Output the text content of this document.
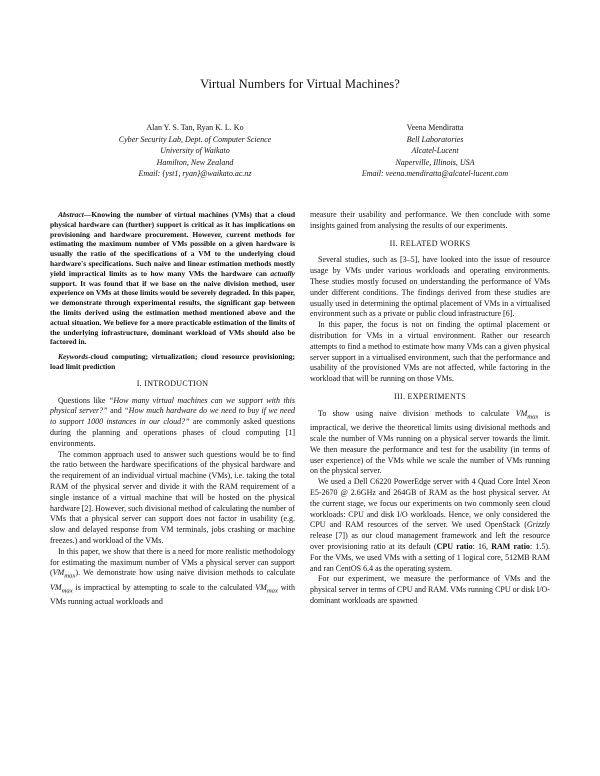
Virtual Numbers for Virtual Machines?
Alan Y. S. Tan, Ryan K. L. Ko
Cyber Security Lab, Dept. of Computer Science
University of Waikato
Hamilton, New Zealand
Email: {yst1, ryan}@waikato.ac.nz
Veena Mendiratta
Bell Laboratories
Alcatel-Lucent
Naperville, Illinois, USA
Email: veena.mendiratta@alcatel-lucent.com

Abstract—Knowing the number of virtual machines (VMs) that a cloud physical hardware can (further) support is critical as it has implications on provisioning and hardware procurement. However, current methods for estimating the maximum number of VMs possible on a given hardware is usually the ratio of the specifications of a VM to the underlying cloud hardware's specifications. Such naive and linear estimation methods mostly yield impractical limits as to how many VMs the hardware can actually support. It was found that if we base on the naive division method, user experience on VMs at those limits would be severely degraded. In this paper, we demonstrate through experimental results, the significant gap between the limits derived using the estimation method mentioned above and the actual situation. We believe for a more practicable estimation of the limits of the underlying infrastructure, dominant workload of VMs should also be factored in.

Keywords-cloud computing; virtualization; cloud resource provisioning; load limit prediction

I. INTRODUCTION

Questions like “How many virtual machines can we support with this physical server?” and “How much hardware do we need to buy if we need to support 1000 instances in our cloud?” are commonly asked questions during the planning and operations phases of cloud computing [1] environments.

The common approach used to answer such questions would be to find the ratio between the hardware specifications of the physical hardware and the requirement of an individual virtual machine (VMs), i.e. taking the total RAM of the physical server and divide it with the RAM requirement of a single instance of a virtual machine that will be hosted on the physical hardware [2]. However, such divisional method of calculating the number of VMs that a physical server can support does not factor in usability (e.g. slow and delayed response from VM terminals, jobs crashing or machine freezes.) and workload of the VMs.

In this paper, we show that there is a need for more realistic methodology for estimating the maximum number of VMs a physical server can support $(VM_{max})$. We demonstrate how using naive division methods to calculate $VM_{max}$ is impractical by attempting to scale to the calculated $VM_{max}$ with VMs running actual workloads and

measure their usability and performance. We then conclude with some insights gained from analysing the results of our experiments.

II. RELATED WORKS

Several studies, such as [3–5], have looked into the issue of resource usage by VMs under various workloads and operating environments. These studies mostly focused on understanding the performance of VMs under different conditions. The findings derived from these studies are usually used in determining the optimal placement of VMs in a virtualised environment such as a private or public cloud infrastructure [6].

In this paper, the focus is not on finding the optimal placement or distribution for VMs in a virtual environment. Rather our research attempts to find a method to estimate how many VMs can a given physical server support in a virtualised environment, such that the performance and usability of the provisioned VMs are not affected, while factoring in the workload that will be running on those VMs.

III. EXPERIMENTS

To show using naive division methods to calculate $VM_{max}$ is impractical, we derive the theoretical limits using divisional methods and scale the number of VMs running on a physical server towards the limit. We then measure the performance and test for the usability (in terms of user experience) of the VMs while we scale the number of VMs running on the physical server.

We used a Dell C6220 PowerEdge server with 4 Quad Core Intel Xeon E5-2670 @ 2.6GHz and 264GB of RAM as the host physical server. At the current stage, we focus our experiments on two commonly seen cloud workloads: CPU and disk I/O workloads. Hence, we only considered the CPU and RAM resources of the server. We used OpenStack (Grizzly release [7]) as our cloud management framework and left the resource over provisioning ratio at its default (CPU ratio: 16, RAM ratio: 1.5). For the VMs, we used VMs with a setting of 1 logical core, 512MB RAM and ran CentOS 6.4 as the operating system.

For our experiment, we measure the performance of VMs and the physical server in terms of CPU and RAM. VMs running CPU or disk I/O-dominant workloads are spawned
